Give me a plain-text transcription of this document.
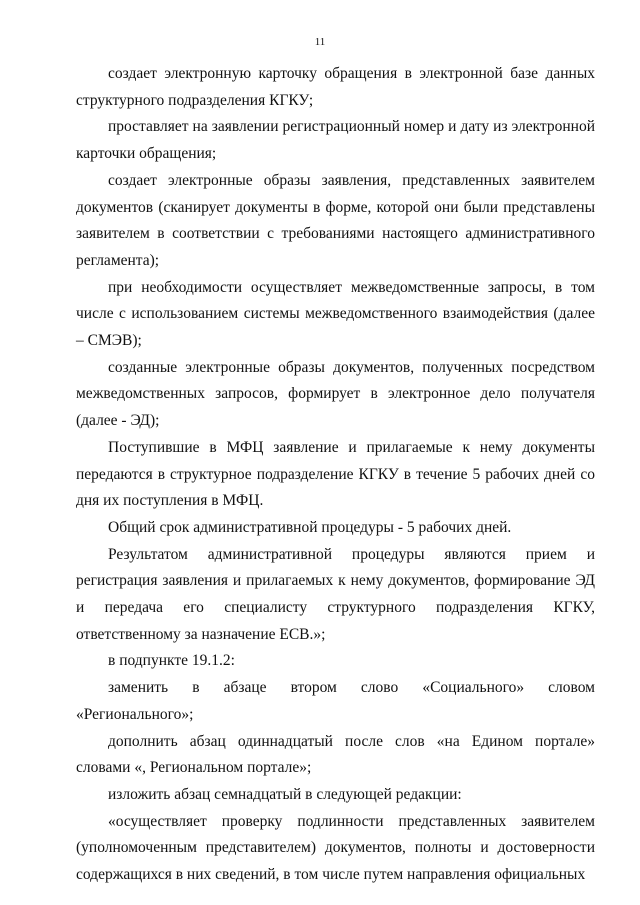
11

создает электронную карточку обращения в электронной базе данных структурного подразделения КГКУ;

проставляет на заявлении регистрационный номер и дату из электронной карточки обращения;

создает электронные образы заявления, представленных заявителем документов (сканирует документы в форме, которой они были представлены заявителем в соответствии с требованиями настоящего административного регламента);

при необходимости осуществляет межведомственные запросы, в том числе с использованием системы межведомственного взаимодействия (далее – СМЭВ);

созданные электронные образы документов, полученных посредством межведомственных запросов, формирует в электронное дело получателя (далее - ЭД);

Поступившие в МФЦ заявление и прилагаемые к нему документы передаются в структурное подразделение КГКУ в течение 5 рабочих дней со дня их поступления в МФЦ.

Общий срок административной процедуры - 5 рабочих дней.

Результатом административной процедуры являются прием и регистрация заявления и прилагаемых к нему документов, формирование ЭД и передача его специалисту структурного подразделения КГКУ, ответственному за назначение ЕСВ.»;

в подпункте 19.1.2:

заменить в абзаце втором слово «Социального» словом «Регионального»;

дополнить абзац одиннадцатый после слов «на Едином портале» словами «, Региональном портале»;

изложить абзац семнадцатый в следующей редакции:

«осуществляет проверку подлинности представленных заявителем (уполномоченным представителем) документов, полноты и достоверности содержащихся в них сведений, в том числе путем направления официальных
